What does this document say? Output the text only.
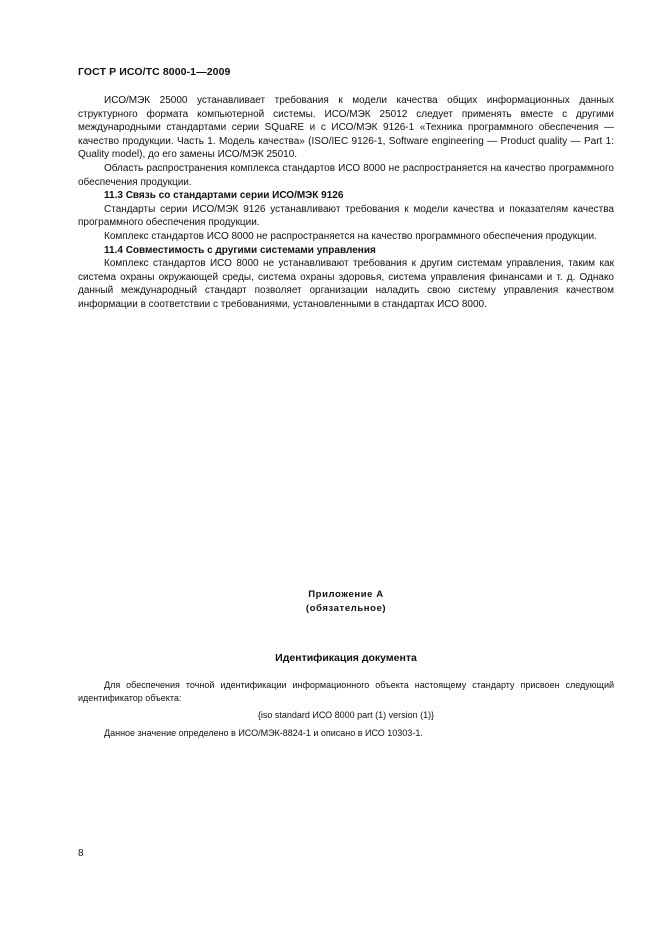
ГОСТ Р ИСО/ТС 8000-1—2009

ИСО/МЭК 25000 устанавливает требования к модели качества общих информационных данных структурного формата компьютерной системы. ИСО/МЭК 25012 следует применять вместе с другими международными стандартами серии SQuaRE и с ИСО/МЭК 9126-1 «Техника программного обеспечения — качество продукции. Часть 1. Модель качества» (ISO/IEC 9126-1, Software engineering — Product quality — Part 1: Quality model), до его замены ИСО/МЭК 25010.

Область распространения комплекса стандартов ИСО 8000 не распространяется на качество программного обеспечения продукции.

11.3 Связь со стандартами серии ИСО/МЭК 9126

Стандарты серии ИСО/МЭК 9126 устанавливают требования к модели качества и показателям качества программного обеспечения продукции.

Комплекс стандартов ИСО 8000 не распространяется на качество программного обеспечения продукции.

11.4 Совместимость с другими системами управления

Комплекс стандартов ИСО 8000 не устанавливают требования к другим системам управления, таким как система охраны окружающей среды, система охраны здоровья, система управления финансами и т. д. Однако данный международный стандарт позволяет организации наладить свою систему управления качеством информации в соответствии с требованиями, установленными в стандартах ИСО 8000.

Приложение А
(обязательное)
Идентификация документа

Для обеспечения точной идентификации информационного объекта настоящему стандарту присвоен следующий идентификатор объекта:

{iso standard ИСО 8000 part (1) version (1)}

Данное значение определено в ИСО/МЭК-8824-1 и описано в ИСО 10303-1.

8
